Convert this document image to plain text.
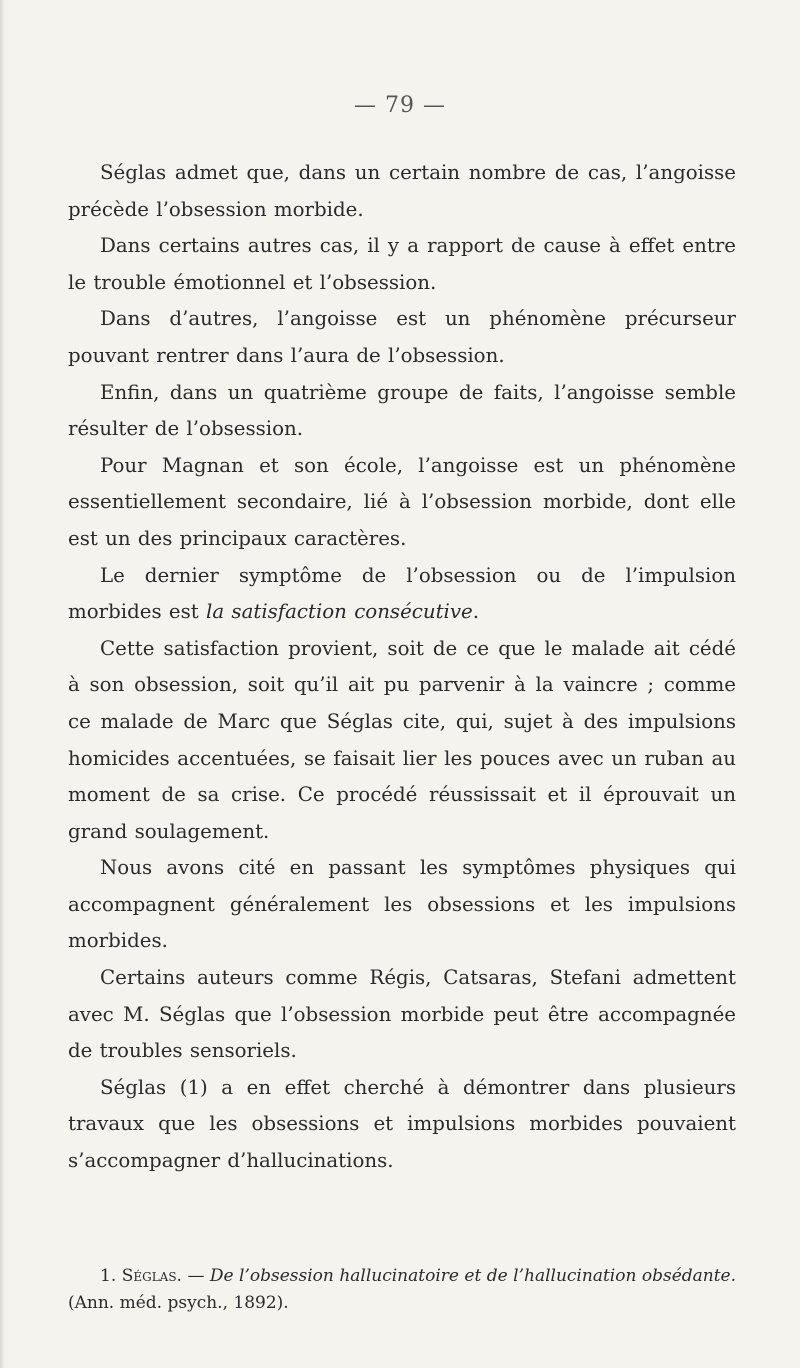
— 79 —

Séglas admet que, dans un certain nombre de cas, l’angoisse précède l’obsession morbide.

Dans certains autres cas, il y a rapport de cause à effet entre le trouble émotionnel et l’obsession.

Dans d’autres, l’angoisse est un phénomène précurseur pouvant rentrer dans l’aura de l’obsession.

Enfin, dans un quatrième groupe de faits, l’angoisse semble résulter de l’obsession.

Pour Magnan et son école, l’angoisse est un phénomène essentiellement secondaire, lié à l’obsession morbide, dont elle est un des principaux caractères.

Le dernier symptôme de l’obsession ou de l’impulsion morbides est la satisfaction consécutive.

Cette satisfaction provient, soit de ce que le malade ait cédé à son obsession, soit qu’il ait pu parvenir à la vaincre ; comme ce malade de Marc que Séglas cite, qui, sujet à des impulsions homicides accentuées, se faisait lier les pouces avec un ruban au moment de sa crise. Ce procédé réussissait et il éprouvait un grand soulagement.

Nous avons cité en passant les symptômes physiques qui accompagnent généralement les obsessions et les impulsions morbides.

Certains auteurs comme Régis, Catsaras, Stefani admettent avec M. Séglas que l’obsession morbide peut être accompagnée de troubles sensoriels.

Séglas (1) a en effet cherché à démontrer dans plusieurs travaux que les obsessions et impulsions morbides pouvaient s’accompagner d’hallucinations.

1. Séglas. — De l’obsession hallucinatoire et de l’hallucination obsédante. (Ann. méd. psych., 1892).
